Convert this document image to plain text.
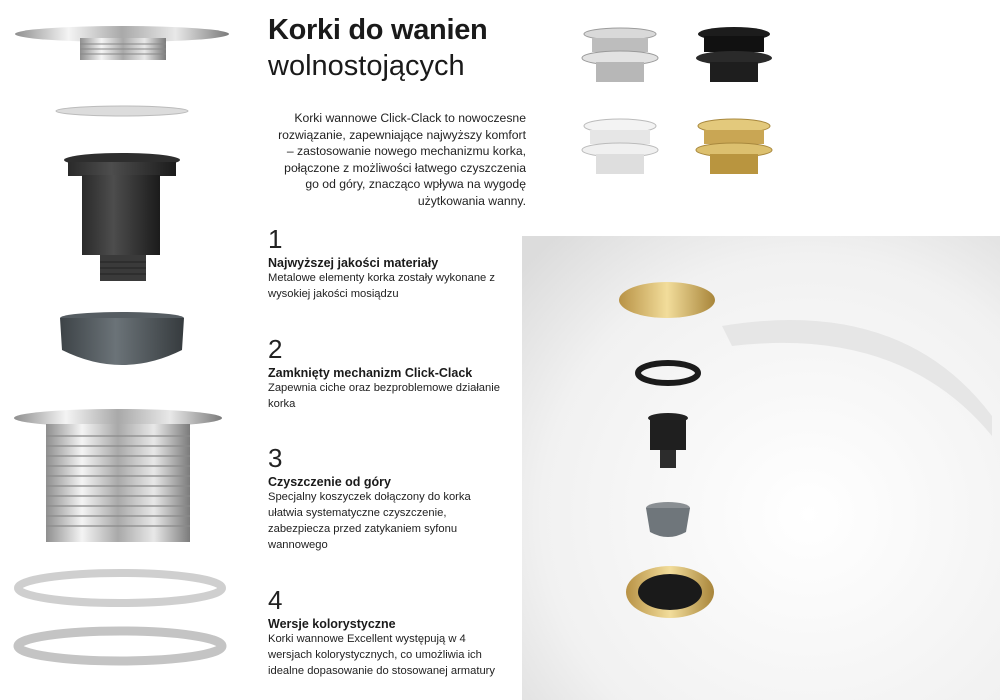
Korki do wanien
wolnostojących
Korki wannowe Click-Clack to nowoczesne rozwiązanie, zapewniające najwyższy komfort – zastosowanie nowego mechanizmu korka, połączone z możliwości łatwego czyszczenia go od góry, znacząco wpływa na wygodę użytkowania wanny.
1
Najwyższej jakości materiały
Metalowe elementy korka zostały wykonane z wysokiej jakości mosiądzu
2
Zamknięty mechanizm Click-Clack
Zapewnia ciche oraz bezproblemowe działanie korka
3
Czyszczenie od góry
Specjalny koszyczek dołączony do korka ułatwia systematyczne czyszczenie, zabezpiecza przed zatykaniem syfonu wannowego
4
Wersje kolorystyczne
Korki wannowe Excellent występują w 4 wersjach kolorystycznych, co umożliwia ich idealne dopasowanie do stosowanej armatury
